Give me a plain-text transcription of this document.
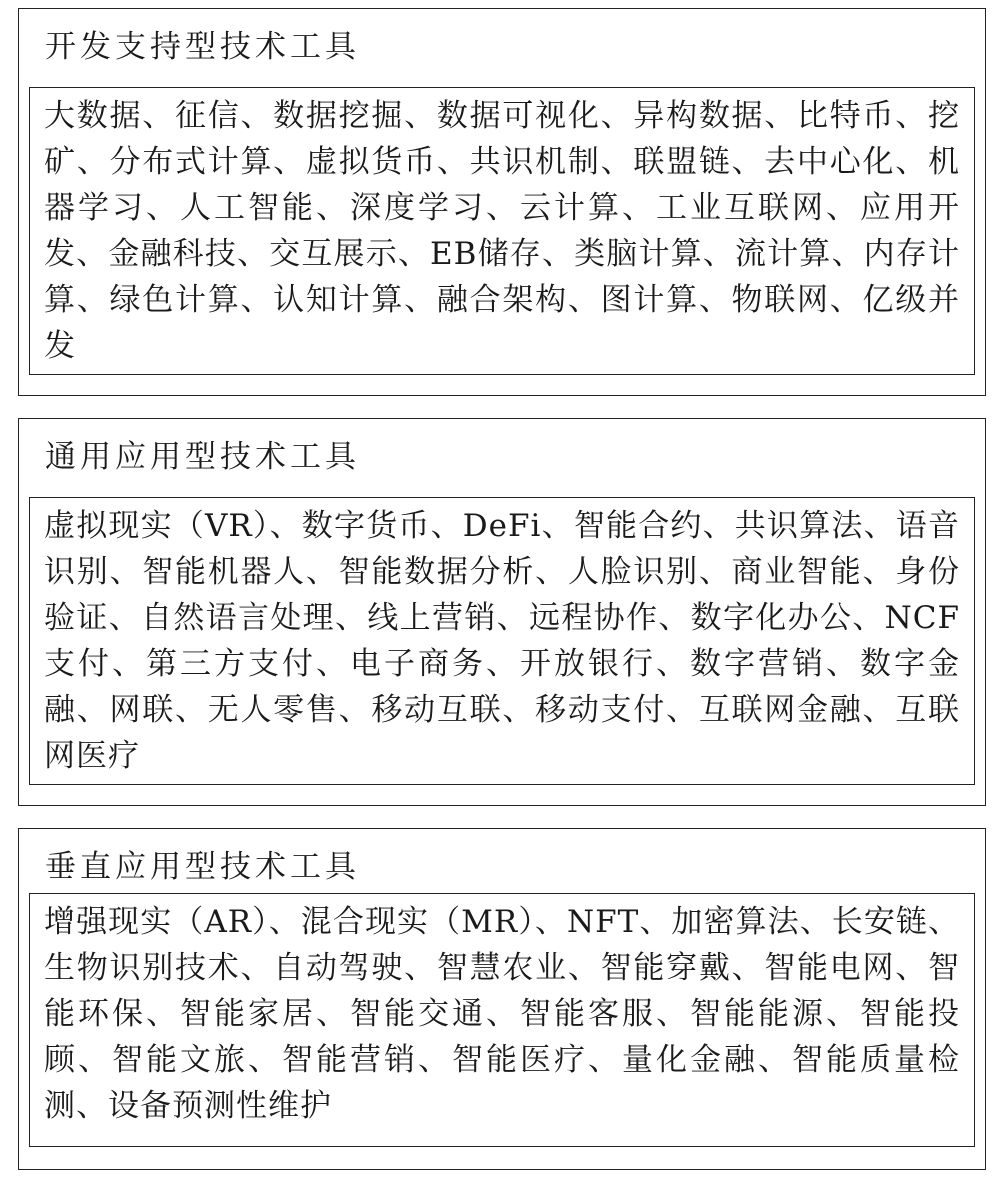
开发支持型技术工具
大数据、征信、数据挖掘、数据可视化、异构数据、比特币、挖矿、分布式计算、虚拟货币、共识机制、联盟链、去中心化、机器学习、人工智能、深度学习、云计算、工业互联网、应用开发、金融科技、交互展示、EB储存、类脑计算、流计算、内存计算、绿色计算、认知计算、融合架构、图计算、物联网、亿级并发
通用应用型技术工具
虚拟现实（VR）、数字货币、DeFi、智能合约、共识算法、语音识别、智能机器人、智能数据分析、人脸识别、商业智能、身份验证、自然语言处理、线上营销、远程协作、数字化办公、NCF支付、第三方支付、电子商务、开放银行、数字营销、数字金融、网联、无人零售、移动互联、移动支付、互联网金融、互联网医疗
垂直应用型技术工具
增强现实（AR）、混合现实（MR）、NFT、加密算法、长安链、生物识别技术、自动驾驶、智慧农业、智能穿戴、智能电网、智能环保、智能家居、智能交通、智能客服、智能能源、智能投顾、智能文旅、智能营销、智能医疗、量化金融、智能质量检测、设备预测性维护
